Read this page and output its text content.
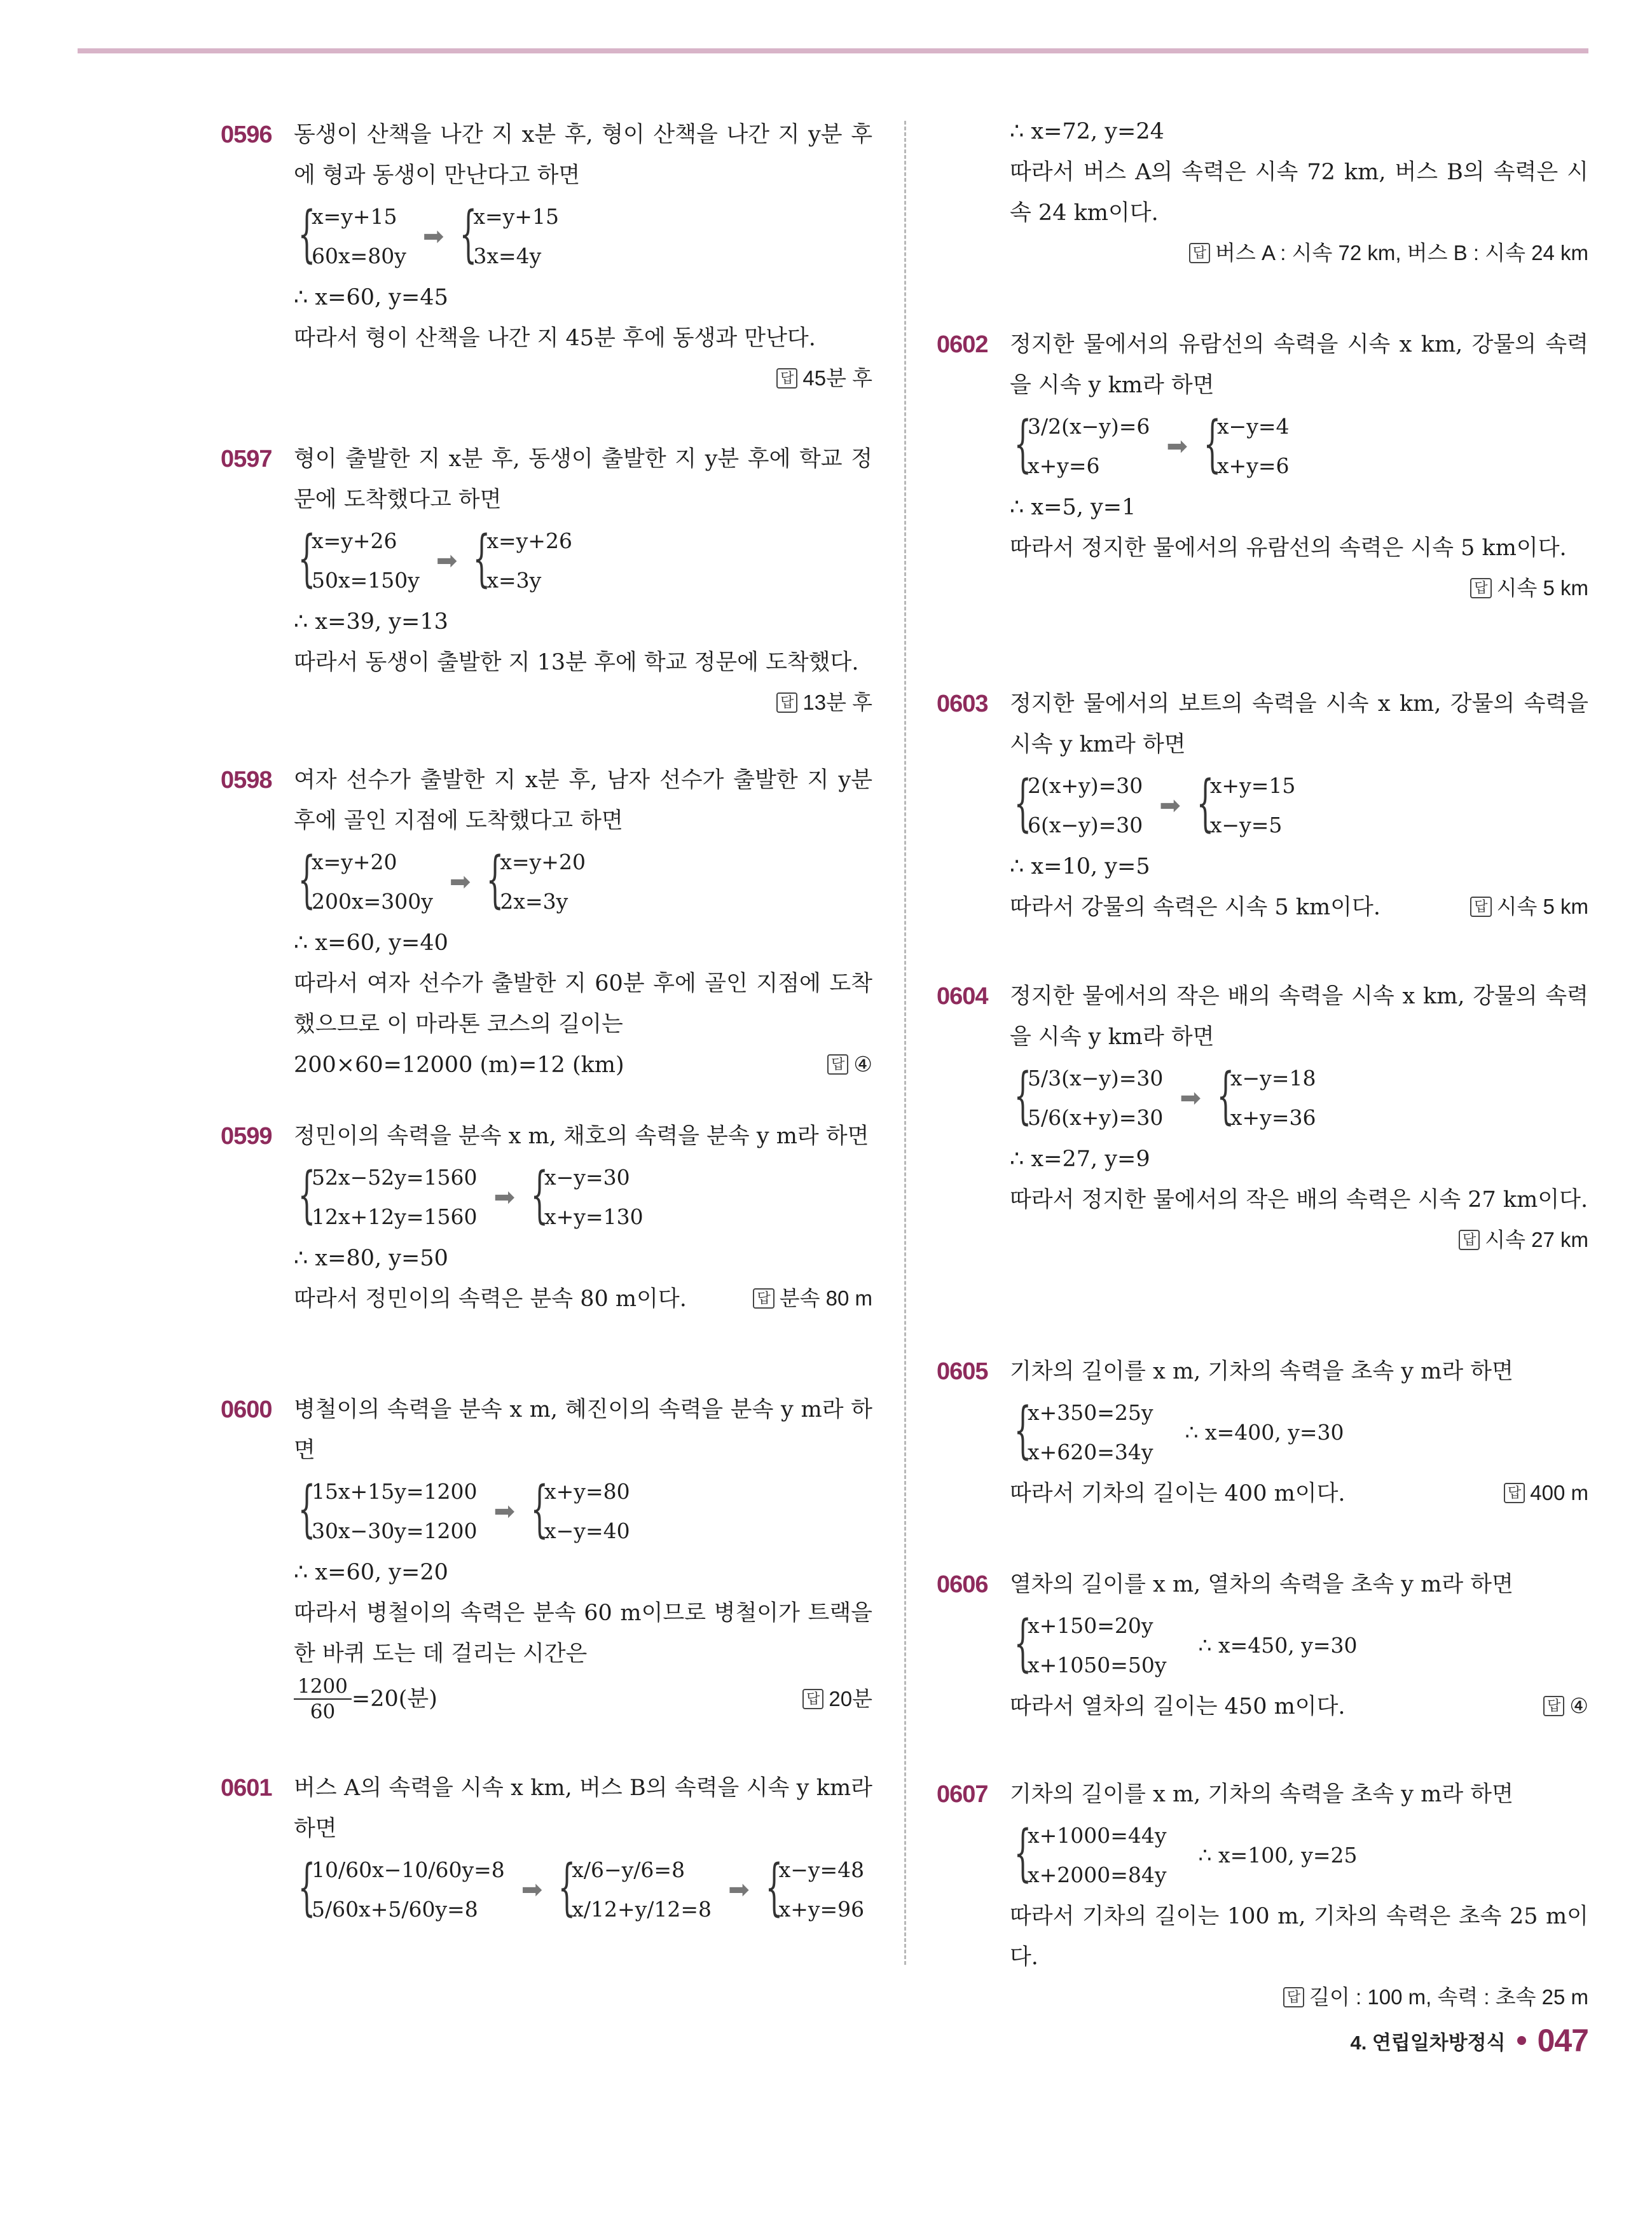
0596 동생이 산책을 나간 지 x분 후, 형이 산책을 나간 지 y분 후에 형과 동생이 만난다고 하면

{
x=y+15
60x=80y
➡ {
x=y+15
3x=4y

∴ x=60, y=45

따라서 형이 산책을 나간 지 45분 후에 동생과 만난다.

답 45분 후
0597 형이 출발한 지 x분 후, 동생이 출발한 지 y분 후에 학교 정문에 도착했다고 하면

{
x=y+26
50x=150y
➡ {
x=y+26
x=3y

∴ x=39, y=13

따라서 동생이 출발한 지 13분 후에 학교 정문에 도착했다.

답 13분 후
0598 여자 선수가 출발한 지 x분 후, 남자 선수가 출발한 지 y분 후에 골인 지점에 도착했다고 하면

{
x=y+20
200x=300y
➡ {
x=y+20
2x=3y

∴ x=60, y=40

따라서 여자 선수가 출발한 지 60분 후에 골인 지점에 도착했으므로 이 마라톤 코스의 길이는

200×60=12000 (m)=12 (km)	답 ④
0599 정민이의 속력을 분속 x m, 채호의 속력을 분속 y m라 하면

{
52x−52y=1560
12x+12y=1560
➡ {
x−y=30
x+y=130

∴ x=80, y=50

따라서 정민이의 속력은 분속 80 m이다.	답 분속 80 m
0600 병철이의 속력을 분속 x m, 혜진이의 속력을 분속 y m라 하면

{
15x+15y=1200
30x−30y=1200
➡ {
x+y=80
x−y=40

∴ x=60, y=20

따라서 병철이의 속력은 분속 60 m이므로 병철이가 트랙을 한 바퀴 도는 데 걸리는 시간은

$\frac{1200}{60} =20$(분)	답 20분
0601 버스 A의 속력을 시속 x km, 버스 B의 속력을 시속 y km라 하면

{
10/60x−10/60y=8
5/60x+5/60y=8
➡ {
x/6−y/6=8
x/12+y/12=8
➡ {
x−y=48
x+y=96

∴ x=72, y=24

따라서 버스 A의 속력은 시속 72 km, 버스 B의 속력은 시속 24 km이다.

답 버스 A : 시속 72 km, 버스 B : 시속 24 km
0602 정지한 물에서의 유람선의 속력을 시속 x km, 강물의 속력을 시속 y km라 하면

{
3/2(x−y)=6
x+y=6
➡ {
x−y=4
x+y=6

∴ x=5, y=1

따라서 정지한 물에서의 유람선의 속력은 시속 5 km이다.

답 시속 5 km
0603 정지한 물에서의 보트의 속력을 시속 x km, 강물의 속력을 시속 y km라 하면

{
2(x+y)=30
6(x−y)=30
➡ {
x+y=15
x−y=5

∴ x=10, y=5

따라서 강물의 속력은 시속 5 km이다.	답 시속 5 km
0604 정지한 물에서의 작은 배의 속력을 시속 x km, 강물의 속력을 시속 y km라 하면

{
5/3(x−y)=30
5/6(x+y)=30
➡ {
x−y=18
x+y=36

∴ x=27, y=9

따라서 정지한 물에서의 작은 배의 속력은 시속 27 km이다.

답 시속 27 km
0605 기차의 길이를 x m, 기차의 속력을 초속 y m라 하면

{
x+350=25y
x+620=34y
∴ x=400, y=30
따라서 기차의 길이는 400 m이다.	답 400 m
0606 열차의 길이를 x m, 열차의 속력을 초속 y m라 하면

{
x+150=20y
x+1050=50y
∴ x=450, y=30
따라서 열차의 길이는 450 m이다.	답 ④
0607 기차의 길이를 x m, 기차의 속력을 초속 y m라 하면

{
x+1000=44y
x+2000=84y
∴ x=100, y=25

따라서 기차의 길이는 100 m, 기차의 속력은 초속 25 m이다.

답 길이 : 100 m, 속력 : 초속 25 m
4. 연립일차방정식 047
